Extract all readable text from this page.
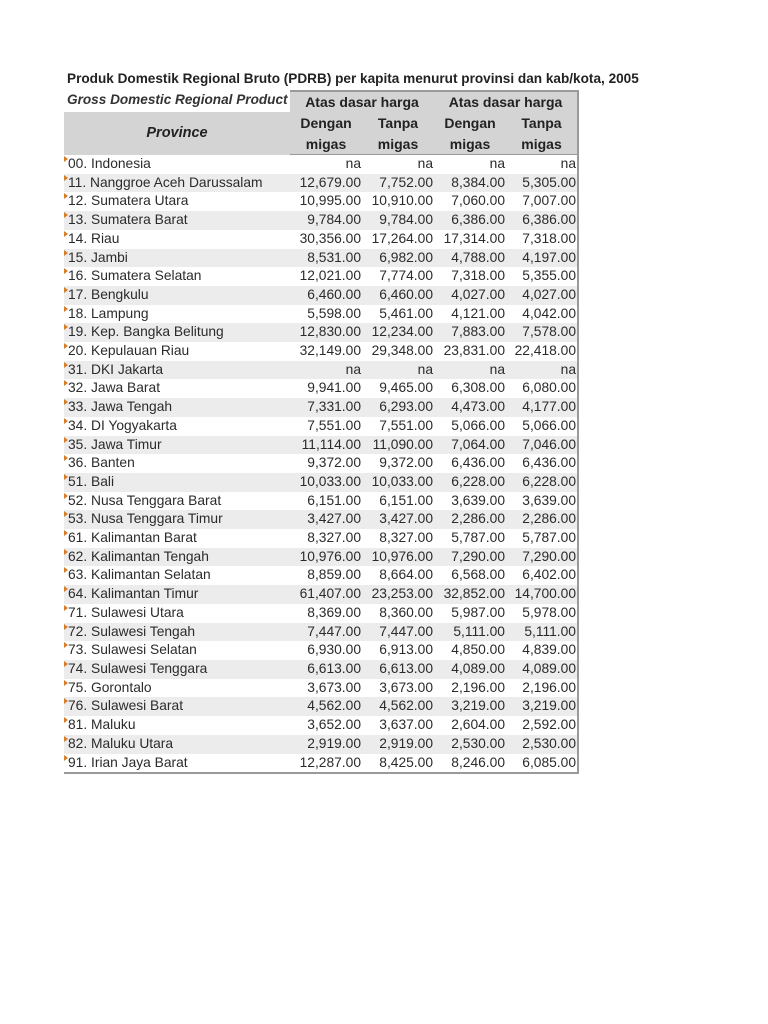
Produk Domestik Regional Bruto (PDRB) per kapita menurut provinsi dan kab/kota, 2005
	Atas dasar harga		Atas dasar harga	
Province	Dengan	Tanpa	Dengan	Tanpa
	migas	migas	migas	migas

00. Indonesia	na	na	na	na

11. Nanggroe Aceh Darussalam	12,679.00	7,752.00	8,384.00	5,305.00

12. Sumatera Utara	10,995.00	10,910.00	7,060.00	7,007.00

13. Sumatera Barat	9,784.00	9,784.00	6,386.00	6,386.00

14. Riau	30,356.00	17,264.00	17,314.00	7,318.00

15. Jambi	8,531.00	6,982.00	4,788.00	4,197.00

16. Sumatera Selatan	12,021.00	7,774.00	7,318.00	5,355.00

17. Bengkulu	6,460.00	6,460.00	4,027.00	4,027.00

18. Lampung	5,598.00	5,461.00	4,121.00	4,042.00

19. Kep. Bangka Belitung	12,830.00	12,234.00	7,883.00	7,578.00

20. Kepulauan Riau	32,149.00	29,348.00	23,831.00	22,418.00

31. DKI Jakarta	na	na	na	na

32. Jawa Barat	9,941.00	9,465.00	6,308.00	6,080.00

33. Jawa Tengah	7,331.00	6,293.00	4,473.00	4,177.00

34. DI Yogyakarta	7,551.00	7,551.00	5,066.00	5,066.00

35. Jawa Timur	11,114.00	11,090.00	7,064.00	7,046.00

36. Banten	9,372.00	9,372.00	6,436.00	6,436.00

51. Bali	10,033.00	10,033.00	6,228.00	6,228.00

52. Nusa Tenggara Barat	6,151.00	6,151.00	3,639.00	3,639.00

53. Nusa Tenggara Timur	3,427.00	3,427.00	2,286.00	2,286.00

61. Kalimantan Barat	8,327.00	8,327.00	5,787.00	5,787.00

62. Kalimantan Tengah	10,976.00	10,976.00	7,290.00	7,290.00

63. Kalimantan Selatan	8,859.00	8,664.00	6,568.00	6,402.00

64. Kalimantan Timur	61,407.00	23,253.00	32,852.00	14,700.00

71. Sulawesi Utara	8,369.00	8,360.00	5,987.00	5,978.00

72. Sulawesi Tengah	7,447.00	7,447.00	5,111.00	5,111.00

73. Sulawesi Selatan	6,930.00	6,913.00	4,850.00	4,839.00

74. Sulawesi Tenggara	6,613.00	6,613.00	4,089.00	4,089.00

75. Gorontalo	3,673.00	3,673.00	2,196.00	2,196.00

76. Sulawesi Barat	4,562.00	4,562.00	3,219.00	3,219.00

81. Maluku	3,652.00	3,637.00	2,604.00	2,592.00

82. Maluku Utara	2,919.00	2,919.00	2,530.00	2,530.00

91. Irian Jaya Barat	12,287.00	8,425.00	8,246.00	6,085.00
Gross Domestic Regional Product
